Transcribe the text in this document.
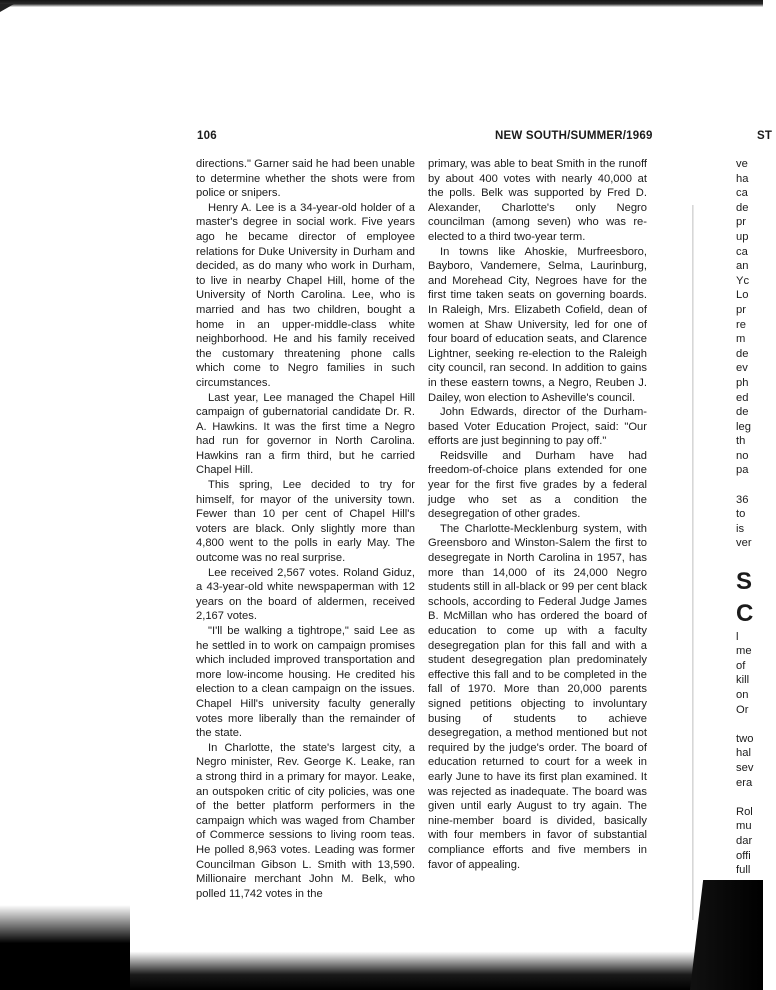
106	NEW SOUTH/SUMMER/1969	ST

directions." Garner said he had been unable to determine whether the shots were from police or snipers.

Henry A. Lee is a 34-year-old holder of a master's degree in social work. Five years ago he became director of employee relations for Duke University in Durham and decided, as do many who work in Durham, to live in nearby Chapel Hill, home of the University of North Carolina. Lee, who is married and has two children, bought a home in an upper-middle-class white neighborhood. He and his family received the customary threatening phone calls which come to Negro families in such circumstances.

Last year, Lee managed the Chapel Hill campaign of gubernatorial candidate Dr. R. A. Hawkins. It was the first time a Negro had run for governor in North Carolina. Hawkins ran a firm third, but he carried Chapel Hill.

This spring, Lee decided to try for himself, for mayor of the university town. Fewer than 10 per cent of Chapel Hill's voters are black. Only slightly more than 4,800 went to the polls in early May. The outcome was no real surprise.

Lee received 2,567 votes. Roland Giduz, a 43-year-old white newspaperman with 12 years on the board of aldermen, received 2,167 votes.

"I'll be walking a tightrope," said Lee as he settled in to work on campaign promises which included improved transportation and more low-income housing. He credited his election to a clean campaign on the issues. Chapel Hill's university faculty generally votes more liberally than the remainder of the state.

In Charlotte, the state's largest city, a Negro minister, Rev. George K. Leake, ran a strong third in a primary for mayor. Leake, an outspoken critic of city policies, was one of the better platform performers in the campaign which was waged from Chamber of Commerce sessions to living room teas. He polled 8,963 votes. Leading was former Councilman Gibson L. Smith with 13,590. Millionaire merchant John M. Belk, who polled 11,742 votes in the

primary, was able to beat Smith in the runoff by about 400 votes with nearly 40,000 at the polls. Belk was supported by Fred D. Alexander, Charlotte's only Negro councilman (among seven) who was re-elected to a third two-year term.

In towns like Ahoskie, Murfreesboro, Bayboro, Vandemere, Selma, Laurinburg, and Morehead City, Negroes have for the first time taken seats on governing boards. In Raleigh, Mrs. Elizabeth Cofield, dean of women at Shaw University, led for one of four board of education seats, and Clarence Lightner, seeking re-election to the Raleigh city council, ran second. In addition to gains in these eastern towns, a Negro, Reuben J. Dailey, won election to Asheville's council.

John Edwards, director of the Durham-based Voter Education Project, said: "Our efforts are just beginning to pay off."

Reidsville and Durham have had freedom-of-choice plans extended for one year for the first five grades by a federal judge who set as a condition the desegregation of other grades.

The Charlotte-Mecklenburg system, with Greensboro and Winston-Salem the first to desegregate in North Carolina in 1957, has more than 14,000 of its 24,000 Negro students still in all-black or 99 per cent black schools, according to Federal Judge James B. McMillan who has ordered the board of education to come up with a faculty desegregation plan for this fall and with a student desegregation plan predominately effective this fall and to be completed in the fall of 1970. More than 20,000 parents signed petitions objecting to involuntary busing of students to achieve desegregation, a method mentioned but not required by the judge's order. The board of education returned to court for a week in early June to have its first plan examined. It was rejected as inadequate. The board was given until early August to try again. The nine-member board is divided, basically with four members in favor of substantial compliance efforts and five members in favor of appealing.

ve
ha
ca
de
pr
up
ca
an
Yc
Lo
pr
re
m
de
ev
ph
ed
de
leg
th
no
pa
36
to
is
ver
S
C
l
me
of
kill
on
Or
two
hal
sev
era
Rol
mu
dar
offi
full
